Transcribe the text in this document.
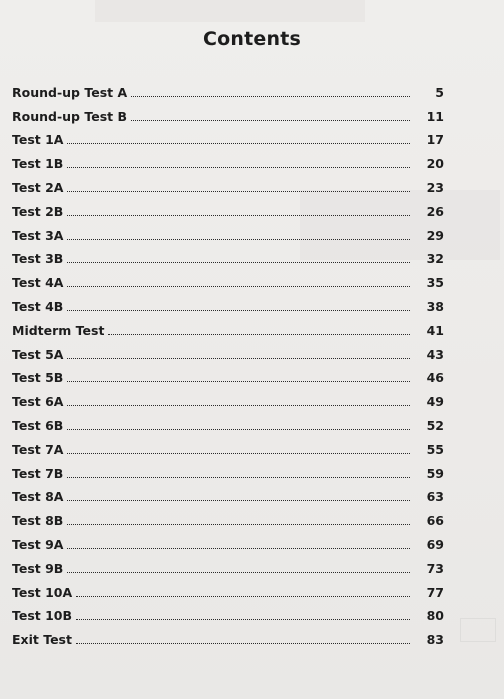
Contents
Round-up Test A	5
Round-up Test B	11
Test 1A	17
Test 1B	20
Test 2A	23
Test 2B	26
Test 3A	29
Test 3B	32
Test 4A	35
Test 4B	38
Midterm Test	41
Test 5A	43
Test 5B	46
Test 6A	49
Test 6B	52
Test 7A	55
Test 7B	59
Test 8A	63
Test 8B	66
Test 9A	69
Test 9B	73
Test 10A	77
Test 10B	80
Exit Test	83
